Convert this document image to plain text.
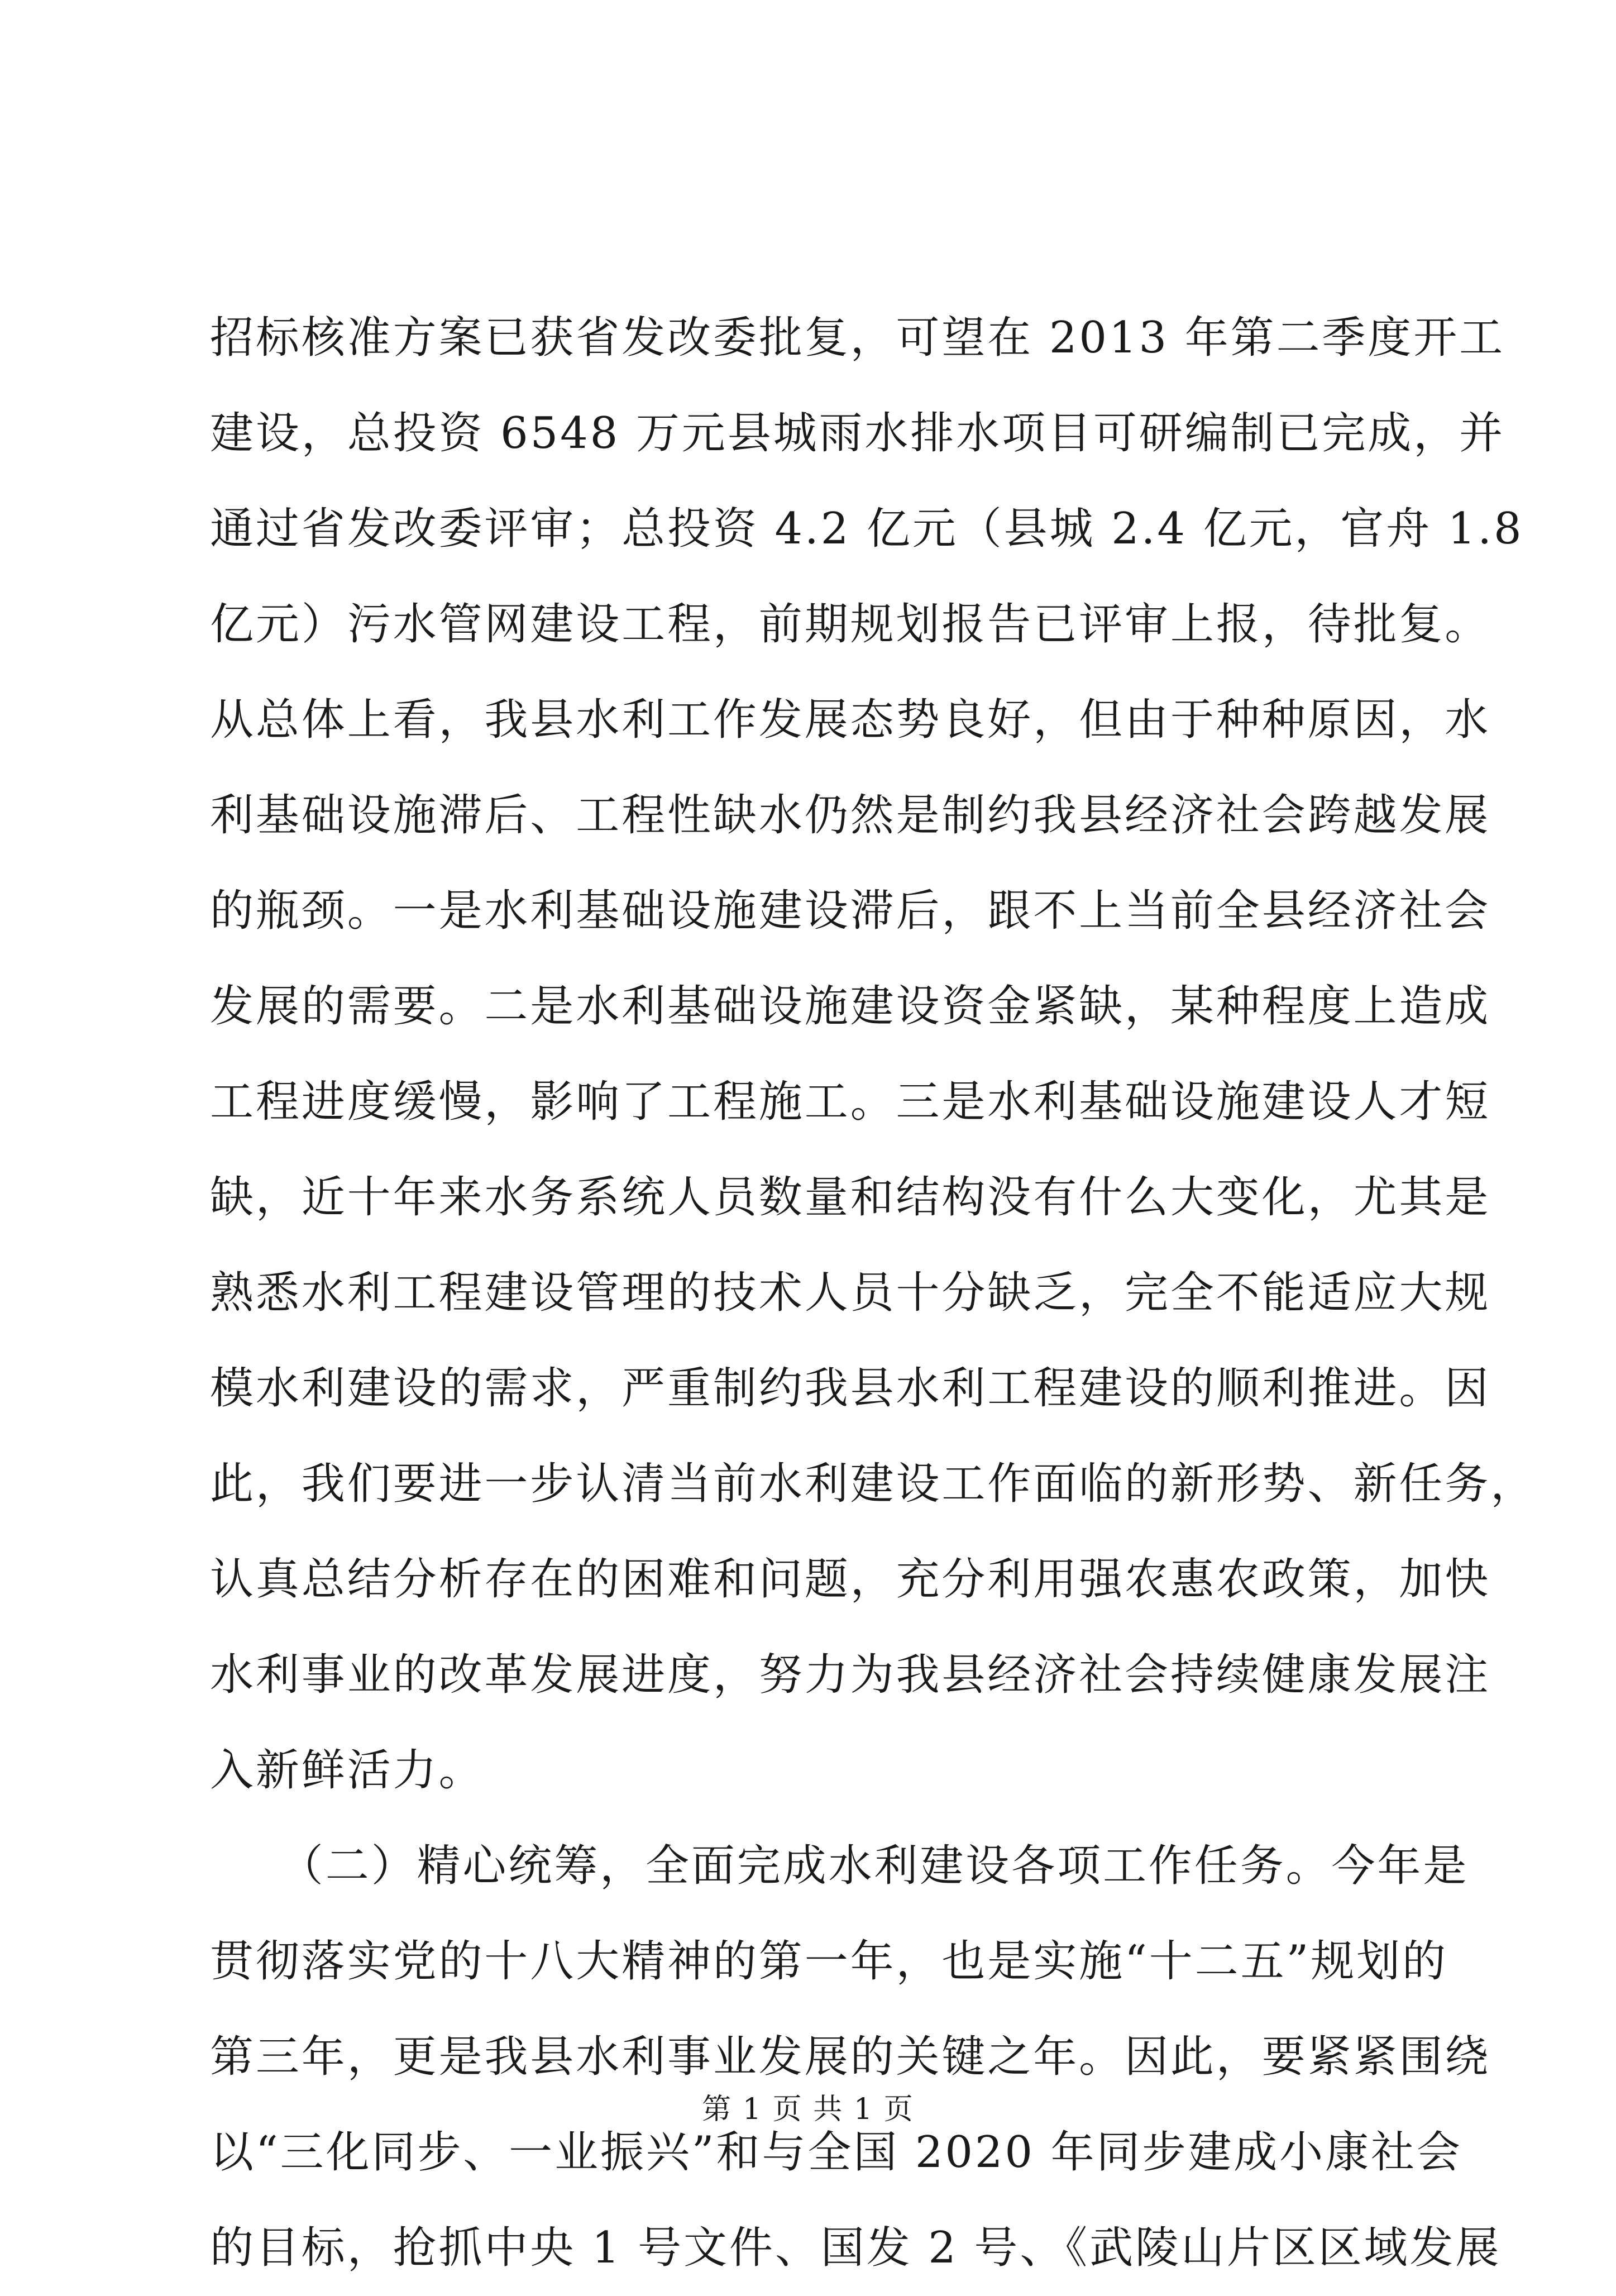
招标核准方案已获省发改委批复，可望在 2013 年第二季度开工
建设，总投资 6548 万元县城雨水排水项目可研编制已完成，并
通过省发改委评审；总投资 4.2 亿元（县城 2.4 亿元，官舟 1.8
亿元）污水管网建设工程，前期规划报告已评审上报，待批复。
从总体上看，我县水利工作发展态势良好，但由于种种原因，水
利基础设施滞后、工程性缺水仍然是制约我县经济社会跨越发展
的瓶颈。一是水利基础设施建设滞后，跟不上当前全县经济社会
发展的需要。二是水利基础设施建设资金紧缺，某种程度上造成
工程进度缓慢，影响了工程施工。三是水利基础设施建设人才短
缺，近十年来水务系统人员数量和结构没有什么大变化，尤其是
熟悉水利工程建设管理的技术人员十分缺乏，完全不能适应大规
模水利建设的需求，严重制约我县水利工程建设的顺利推进。因
此，我们要进一步认清当前水利建设工作面临的新形势、新任务，
认真总结分析存在的困难和问题，充分利用强农惠农政策，加快
水利事业的改革发展进度，努力为我县经济社会持续健康发展注
入新鲜活力。
　　（二）精心统筹，全面完成水利建设各项工作任务。今年是
贯彻落实党的十八大精神的第一年，也是实施“十二五”规划的
第三年，更是我县水利事业发展的关键之年。因此，要紧紧围绕
以“三化同步、一业振兴”和与全国 2020 年同步建成小康社会
的目标，抢抓中央 1 号文件、国发 2 号、《武陵山片区区域发展
第 1 页 共 1 页
